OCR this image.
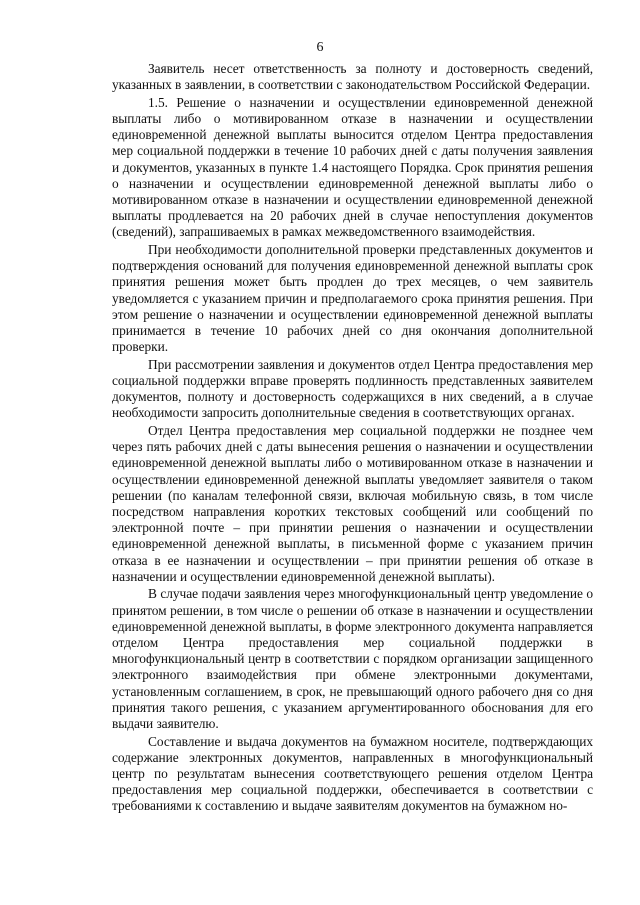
6

Заявитель несет ответственность за полноту и достоверность сведений, указанных в заявлении, в соответствии с законодательством Российской Федерации.

1.5. Решение о назначении и осуществлении единовременной денежной выплаты либо о мотивированном отказе в назначении и осуществлении единовременной денежной выплаты выносится отделом Центра предоставления мер социальной поддержки в течение 10 рабочих дней с даты получения заявления и документов, указанных в пункте 1.4 настоящего Порядка. Срок принятия решения о назначении и осуществлении единовременной денежной выплаты либо о мотивированном отказе в назначении и осуществлении единовременной денежной выплаты продлевается на 20 рабочих дней в случае непоступления документов (сведений), запрашиваемых в рамках межведомственного взаимодействия.

При необходимости дополнительной проверки представленных документов и подтверждения оснований для получения единовременной денежной выплаты срок принятия решения может быть продлен до трех месяцев, о чем заявитель уведомляется с указанием причин и предполагаемого срока принятия решения. При этом решение о назначении и осуществлении единовременной денежной выплаты принимается в течение 10 рабочих дней со дня окончания дополнительной проверки.

При рассмотрении заявления и документов отдел Центра предоставления мер социальной поддержки вправе проверять подлинность представленных заявителем документов, полноту и достоверность содержащихся в них сведений, а в случае необходимости запросить дополнительные сведения в соответствующих органах.

Отдел Центра предоставления мер социальной поддержки не позднее чем через пять рабочих дней с даты вынесения решения о назначении и осуществлении единовременной денежной выплаты либо о мотивированном отказе в назначении и осуществлении единовременной денежной выплаты уведомляет заявителя о таком решении (по каналам телефонной связи, включая мобильную связь, в том числе посредством направления коротких текстовых сообщений или сообщений по электронной почте – при принятии решения о назначении и осуществлении единовременной денежной выплаты, в письменной форме с указанием причин отказа в ее назначении и осуществлении – при принятии решения об отказе в назначении и осуществлении единовременной денежной выплаты).

В случае подачи заявления через многофункциональный центр уведомление о принятом решении, в том числе о решении об отказе в назначении и осуществлении единовременной денежной выплаты, в форме электронного документа направляется отделом Центра предоставления мер социальной поддержки в многофункциональный центр в соответствии с порядком организации защищенного электронного взаимодействия при обмене электронными документами, установленным соглашением, в срок, не превышающий одного рабочего дня со дня принятия такого решения, с указанием аргументированного обоснования для его выдачи заявителю.

Составление и выдача документов на бумажном носителе, подтверждающих содержание электронных документов, направленных в многофункциональный центр по результатам вынесения соответствующего решения отделом Центра предоставления мер социальной поддержки, обеспечивается в соответствии с требованиями к составлению и выдаче заявителям документов на бумажном но-
